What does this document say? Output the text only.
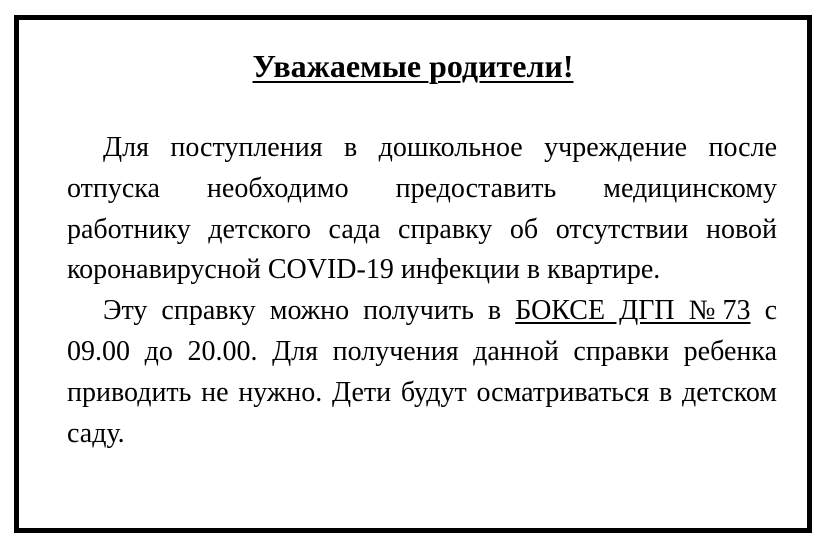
Уважаемые родители!

Для поступления в дошкольное учреждение после отпуска необходимо предоставить медицинскому работнику детского сада справку об отсутствии новой коронавирусной COVID-19 инфекции в квартире.

Эту справку можно получить в БОКСЕ ДГП №73 с 09.00 до 20.00. Для получения данной справки ребенка приводить не нужно. Дети будут осматриваться в детском саду.
